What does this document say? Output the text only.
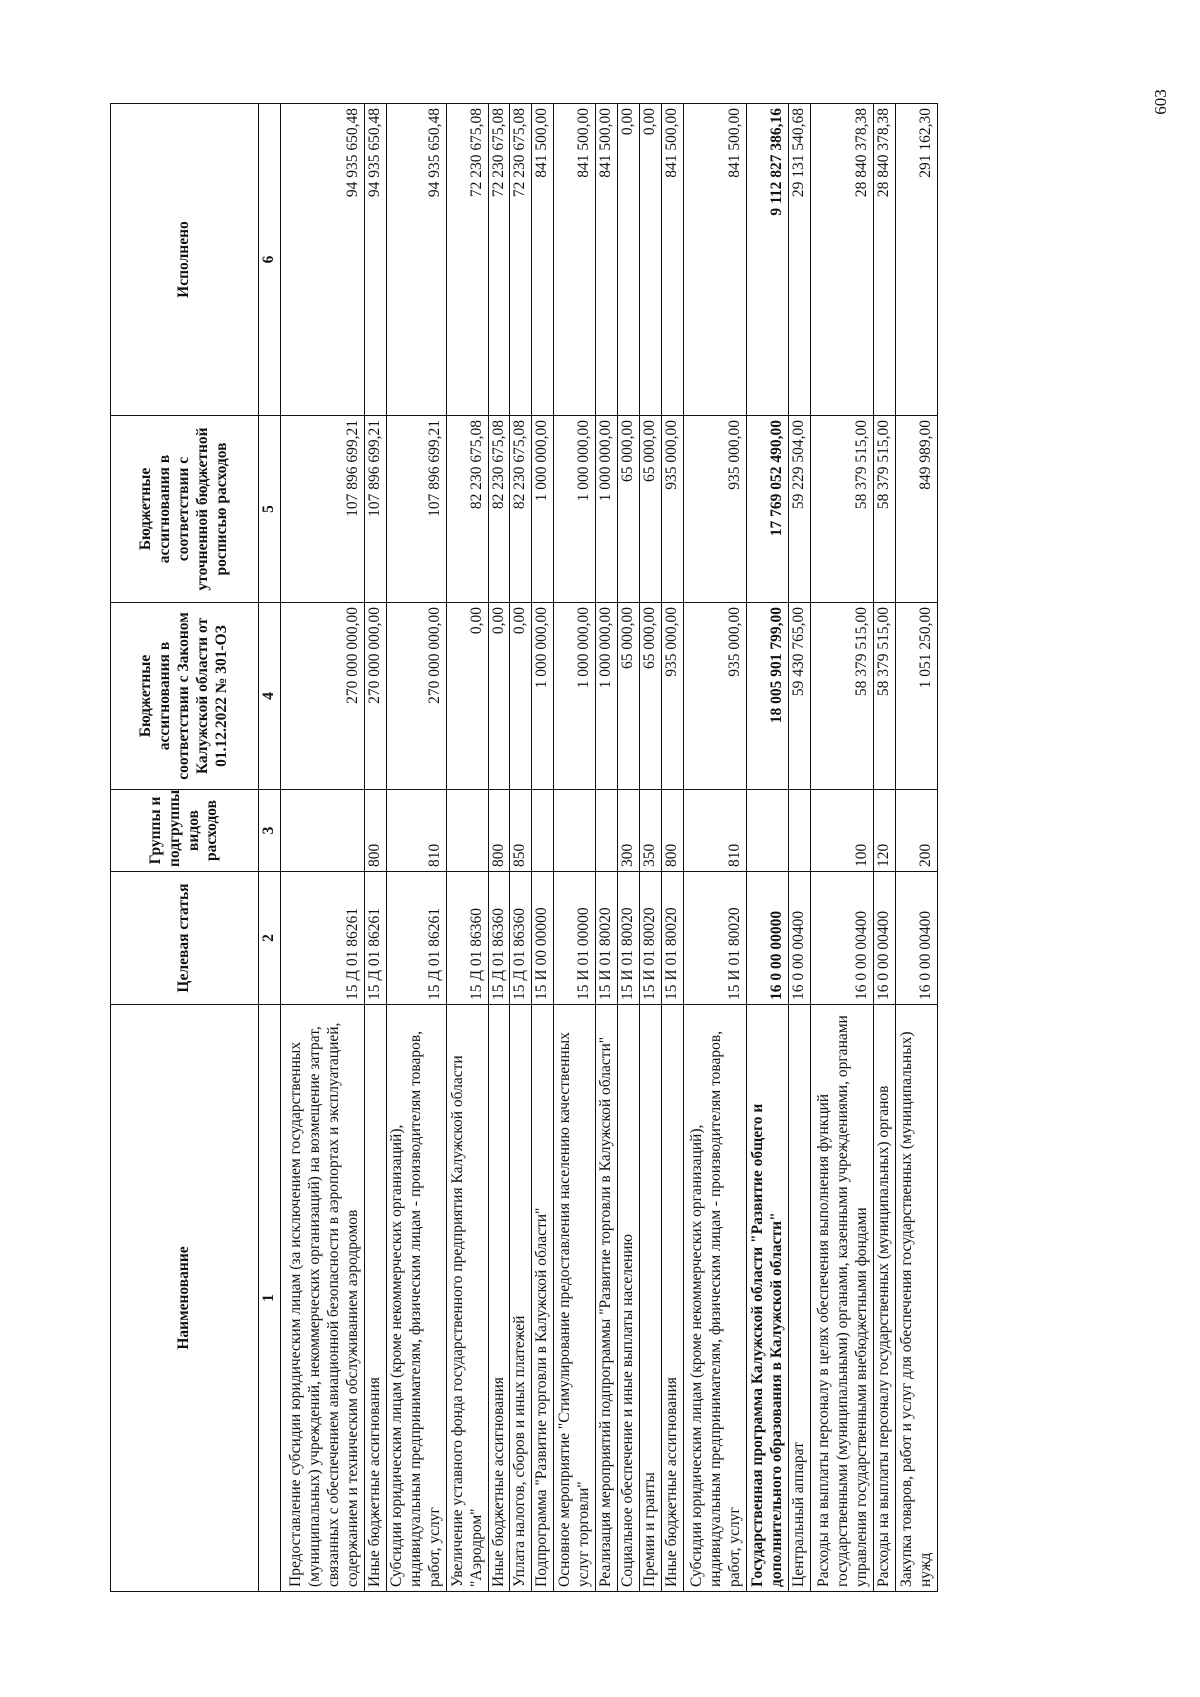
603
Наименование	Целевая статья	Группы и подгруппы видов расходов	Бюджетные ассигнования в соответствии с Законом Калужской области от 01.12.2022 № 301-ОЗ	Бюджетные ассигнования в соответствии с уточненной бюджетной росписью расходов	Исполнено
1	2	3	4	5	6
Предоставление субсидии юридическим лицам (за исключением государственных (муниципальных) учреждений, некоммерческих организаций) на возмещение затрат, связанных с обеспечением авиационной безопасности в аэропортах и эксплуатацией, содержанием и техническим обслуживанием аэродромов	15 Д 01 86261		270 000 000,00	107 896 699,21	94 935 650,48
Иные бюджетные ассигнования	15 Д 01 86261	800	270 000 000,00	107 896 699,21	94 935 650,48
Субсидии юридическим лицам (кроме некоммерческих организаций), индивидуальным предпринимателям, физическим лицам - производителям товаров, работ, услуг	15 Д 01 86261	810	270 000 000,00	107 896 699,21	94 935 650,48
Увеличение уставного фонда государственного предприятия Калужской области "Аэродром"	15 Д 01 86360		0,00	82 230 675,08	72 230 675,08
Иные бюджетные ассигнования	15 Д 01 86360	800	0,00	82 230 675,08	72 230 675,08
Уплата налогов, сборов и иных платежей	15 Д 01 86360	850	0,00	82 230 675,08	72 230 675,08
Подпрограмма "Развитие торговли в Калужской области"	15 И 00 00000		1 000 000,00	1 000 000,00	841 500,00
Основное мероприятие "Стимулирование предоставления населению качественных услуг торговли"	15 И 01 00000		1 000 000,00	1 000 000,00	841 500,00
Реализация мероприятий подпрограммы "Развитие торговли в Калужской области"	15 И 01 80020		1 000 000,00	1 000 000,00	841 500,00
Социальное обеспечение и иные выплаты населению	15 И 01 80020	300	65 000,00	65 000,00	0,00
Премии и гранты	15 И 01 80020	350	65 000,00	65 000,00	0,00
Иные бюджетные ассигнования	15 И 01 80020	800	935 000,00	935 000,00	841 500,00
Субсидии юридическим лицам (кроме некоммерческих организаций), индивидуальным предпринимателям, физическим лицам - производителям товаров, работ, услуг	15 И 01 80020	810	935 000,00	935 000,00	841 500,00
Государственная программа Калужской области "Развитие общего и дополнительного образования в Калужской области"	16 0 00 00000		18 005 901 799,00	17 769 052 490,00	9 112 827 386,16
Центральный аппарат	16 0 00 00400		59 430 765,00	59 229 504,00	29 131 540,68
Расходы на выплаты персоналу в целях обеспечения выполнения функций государственными (муниципальными) органами, казенными учреждениями, органами управления государственными внебюджетными фондами	16 0 00 00400	100	58 379 515,00	58 379 515,00	28 840 378,38
Расходы на выплаты персоналу государственных (муниципальных) органов	16 0 00 00400	120	58 379 515,00	58 379 515,00	28 840 378,38
Закупка товаров, работ и услуг для обеспечения государственных (муниципальных) нужд	16 0 00 00400	200	1 051 250,00	849 989,00	291 162,30
